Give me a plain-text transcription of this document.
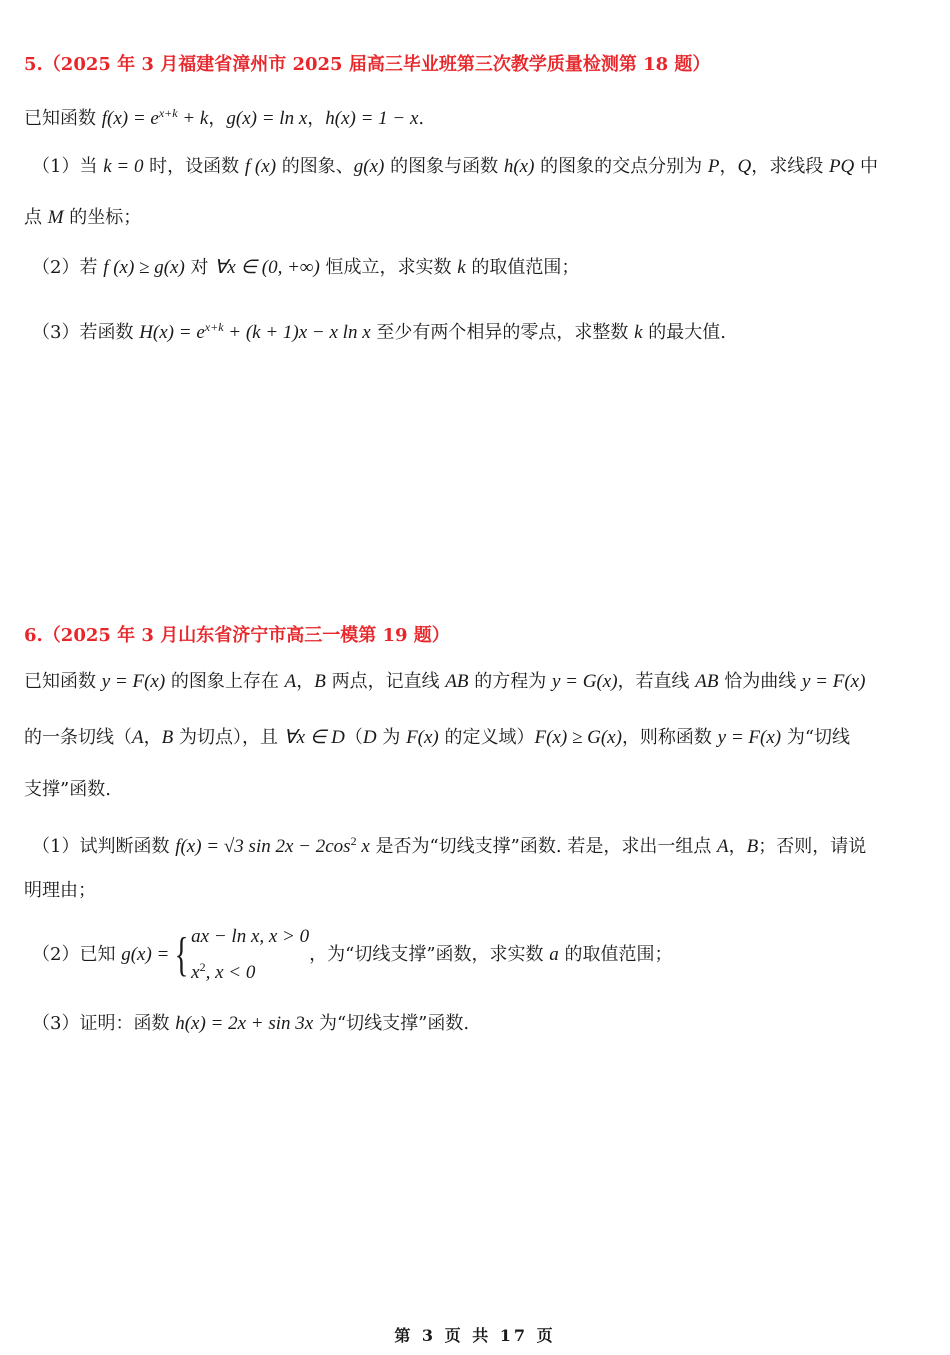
5.（2025 年 3 月福建省漳州市 2025 届高三毕业班第三次教学质量检测第 18 题）
已知函数 $f(x) = e^{x+k} + k$，g(x) = ln x，h(x) = 1 − x.
（1）当 k = 0 时，设函数 f (x) 的图象、g(x) 的图象与函数 h(x) 的图象的交点分别为 P，Q，求线段 PQ 中
点 M 的坐标；
（2）若 f (x) ≥ g(x) 对 ∀x ∈ (0, +∞) 恒成立，求实数 k 的取值范围；
（3）若函数 $H(x) = e^{x+k} + (k + 1)x - x$ ln x 至少有两个相异的零点，求整数 k 的最大值.
6.（2025 年 3 月山东省济宁市高三一模第 19 题）
已知函数 y = F(x) 的图象上存在 A，B 两点，记直线 AB 的方程为 y = G(x)，若直线 AB 恰为曲线 y = F(x)
的一条切线（A，B 为切点），且 ∀x ∈ D（D 为 F(x) 的定义域）F(x) ≥ G(x)，则称函数 y = F(x) 为“切线
支撑”函数.
（1）试判断函数 f(x) = √3 $\sin 2x - 2\cos^2$ x 是否为“切线支撑”函数. 若是，求出一组点 A，B；否则，请说
明理由；
（2）已知 g(x) = { ax − ln x, x > 0
$x^2$, x < 0
，为“切线支撑”函数，求实数 a 的取值范围；
（3）证明：函数 h(x) = 2x + sin 3x 为“切线支撑”函数.
第 3 页 共 17 页
